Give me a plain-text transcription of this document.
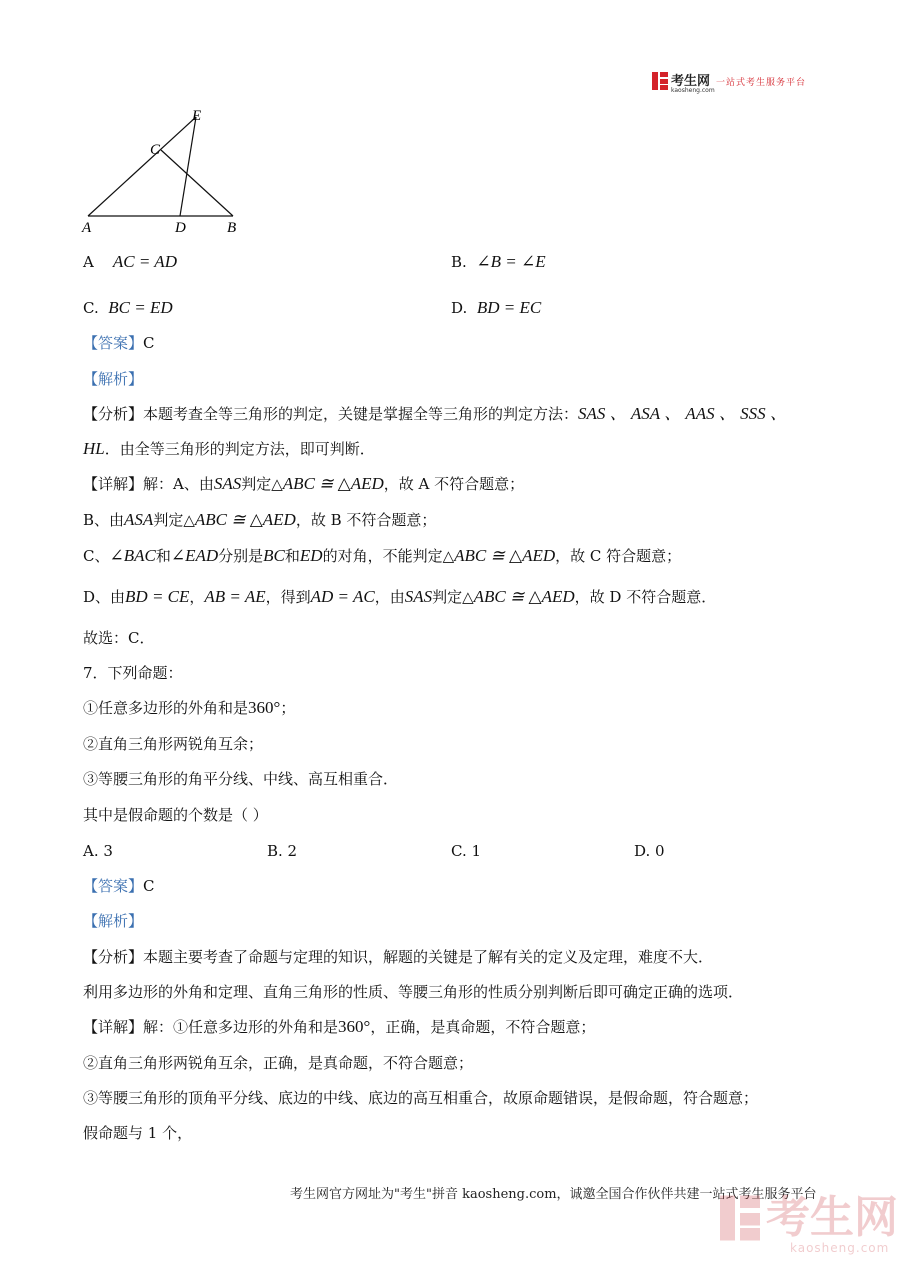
考生网
kaosheng.com
一站式考生服务平台
E
C
A	D	B
A AC = AD	B. ∠B = ∠E
C. BC = ED	D. BD = EC
【答案】C
【解析】
【分析】本题考查全等三角形的判定，关键是掌握全等三角形的判定方法：SAS 、 ASA 、 AAS 、 SSS 、
HL．由全等三角形的判定方法，即可判断．
【详解】解：A、由SAS判定△ABC ≅ △AED，故 A 不符合题意；
B、由ASA判定△ABC ≅ △AED，故 B 不符合题意；
C、∠BAC和∠EAD分别是BC和ED的对角，不能判定△ABC ≅ △AED，故 C 符合题意；
D、由BD = CE，AB = AE，得到AD = AC，由SAS判定△ABC ≅ △AED，故 D 不符合题意．
故选：C．
7．下列命题：
①任意多边形的外角和是360°；
②直角三角形两锐角互余；
③等腰三角形的角平分线、中线、高互相重合．
其中是假命题的个数是（ ）
A. 3	B. 2	C. 1	D. 0
【答案】C
【解析】
【分析】本题主要考查了命题与定理的知识，解题的关键是了解有关的定义及定理，难度不大．
利用多边形的外角和定理、直角三角形的性质、等腰三角形的性质分别判断后即可确定正确的选项．
【详解】解：①任意多边形的外角和是360°，正确，是真命题，不符合题意；
②直角三角形两锐角互余，正确，是真命题，不符合题意；
③等腰三角形的顶角平分线、底边的中线、底边的高互相重合，故原命题错误，是假命题，符合题意；
假命题与 1 个，
考生网官方网址为"考生"拼音 kaosheng.com，诚邀全国合作伙伴共建一站式考生服务平台
考生网
kaosheng.com
